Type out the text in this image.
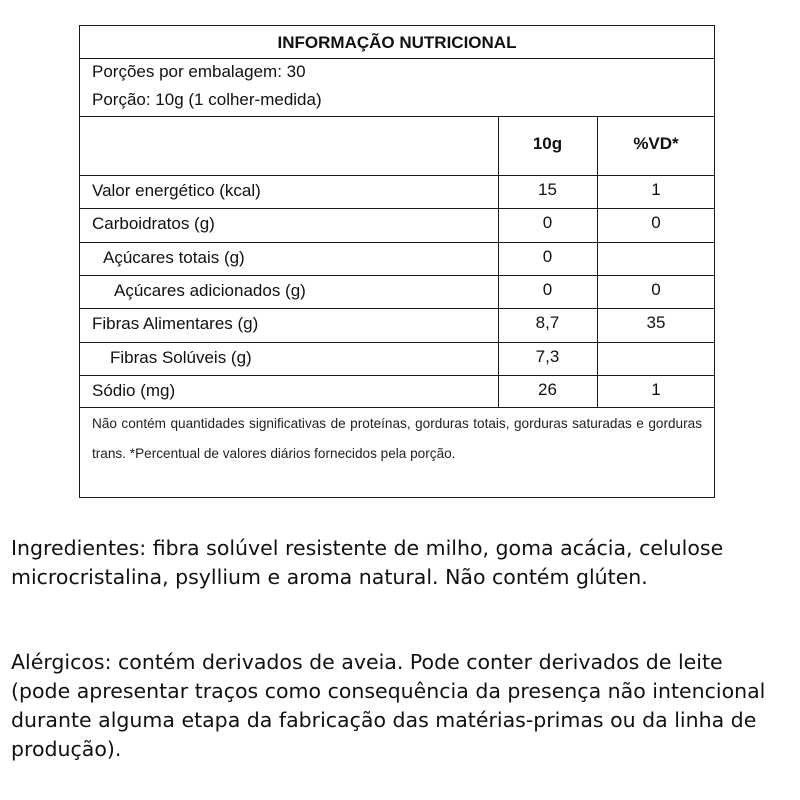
INFORMAÇÃO NUTRICIONAL
Porções por embalagem: 30
Porção: 10g (1 colher-medida)
10g	%VD*
Valor energético (kcal)	15	1
Carboidratos (g)	0	0
Açúcares totais (g)	0
Açúcares adicionados (g)	0	0
Fibras Alimentares (g)	8,7	35
Fibras Solúveis (g)	7,3
Sódio (mg)	26	1
Não contém quantidades significativas de proteínas, gorduras totais, gorduras saturadas e gorduras trans. *Percentual de valores diários fornecidos pela porção.

Ingredientes: fibra solúvel resistente de milho, goma acácia, celulose microcristalina, psyllium e aroma natural. Não contém glúten.

Alérgicos: contém derivados de aveia. Pode conter derivados de leite (pode apresentar traços como consequência da presença não intencional durante alguma etapa da fabricação das matérias-primas ou da linha de produção).
